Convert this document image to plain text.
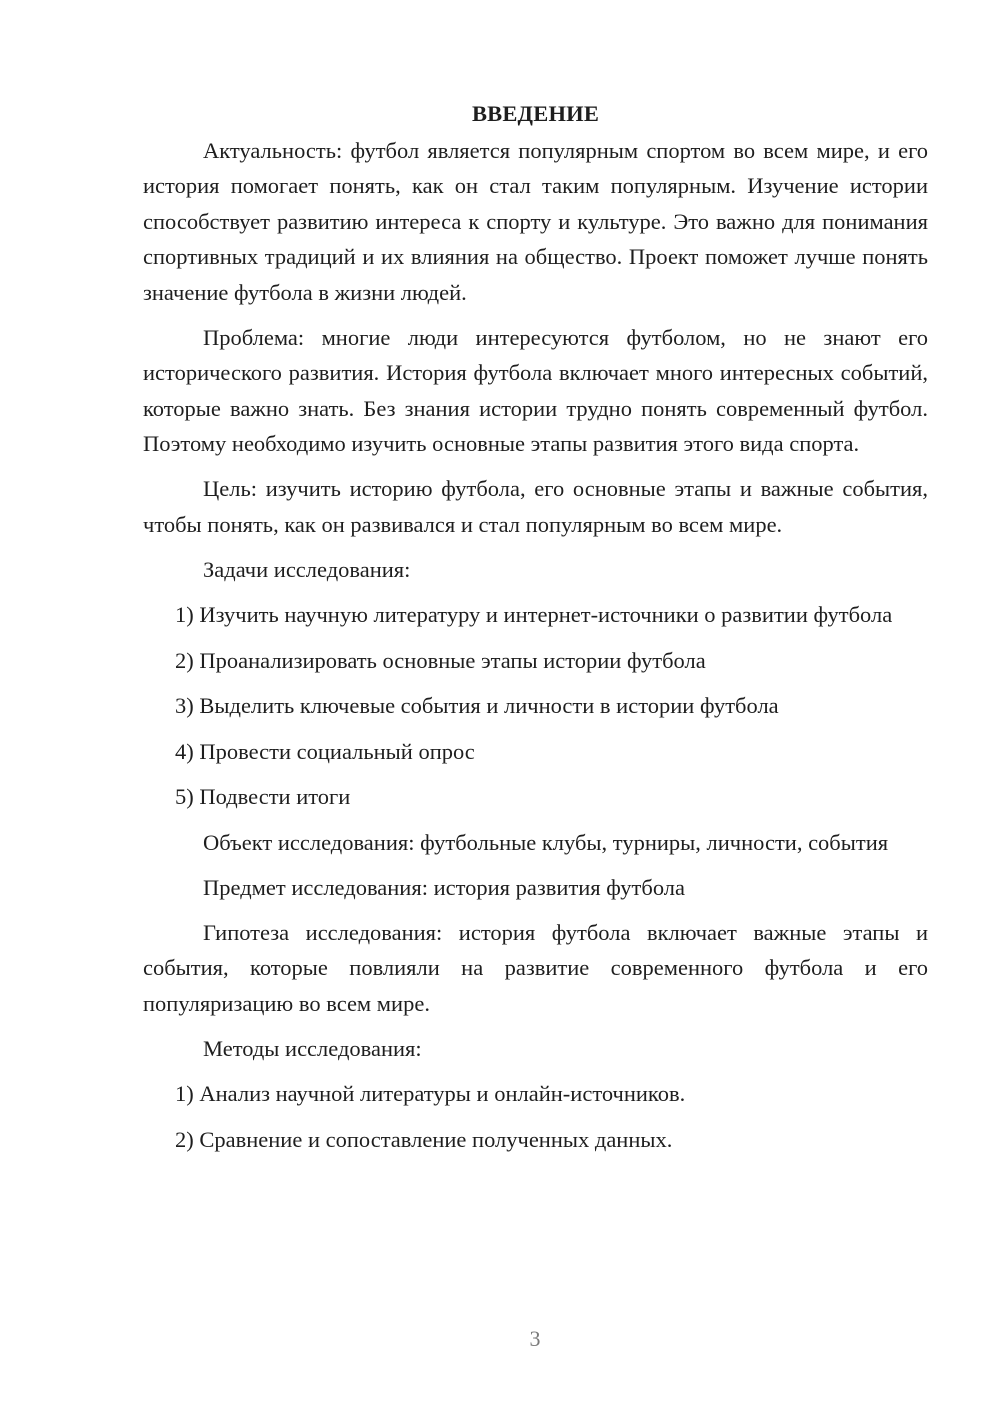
ВВЕДЕНИЕ

Актуальность: футбол является популярным спортом во всем мире, и его история помогает понять, как он стал таким популярным. Изучение истории способствует развитию интереса к спорту и культуре. Это важно для понимания спортивных традиций и их влияния на общество. Проект поможет лучше понять значение футбола в жизни людей.

Проблема: многие люди интересуются футболом, но не знают его исторического развития. История футбола включает много интересных событий, которые важно знать. Без знания истории трудно понять современный футбол. Поэтому необходимо изучить основные этапы развития этого вида спорта.

Цель: изучить историю футбола, его основные этапы и важные события, чтобы понять, как он развивался и стал популярным во всем мире.

Задачи исследования:

1) Изучить научную литературу и интернет-источники о развитии футбола

2) Проанализировать основные этапы истории футбола

3) Выделить ключевые события и личности в истории футбола

4) Провести социальный опрос

5) Подвести итоги

Объект исследования: футбольные клубы, турниры, личности, события

Предмет исследования: история развития футбола

Гипотеза исследования: история футбола включает важные этапы и события, которые повлияли на развитие современного футбола и его популяризацию во всем мире.

Методы исследования:

1) Анализ научной литературы и онлайн-источников.

2) Сравнение и сопоставление полученных данных.

3
